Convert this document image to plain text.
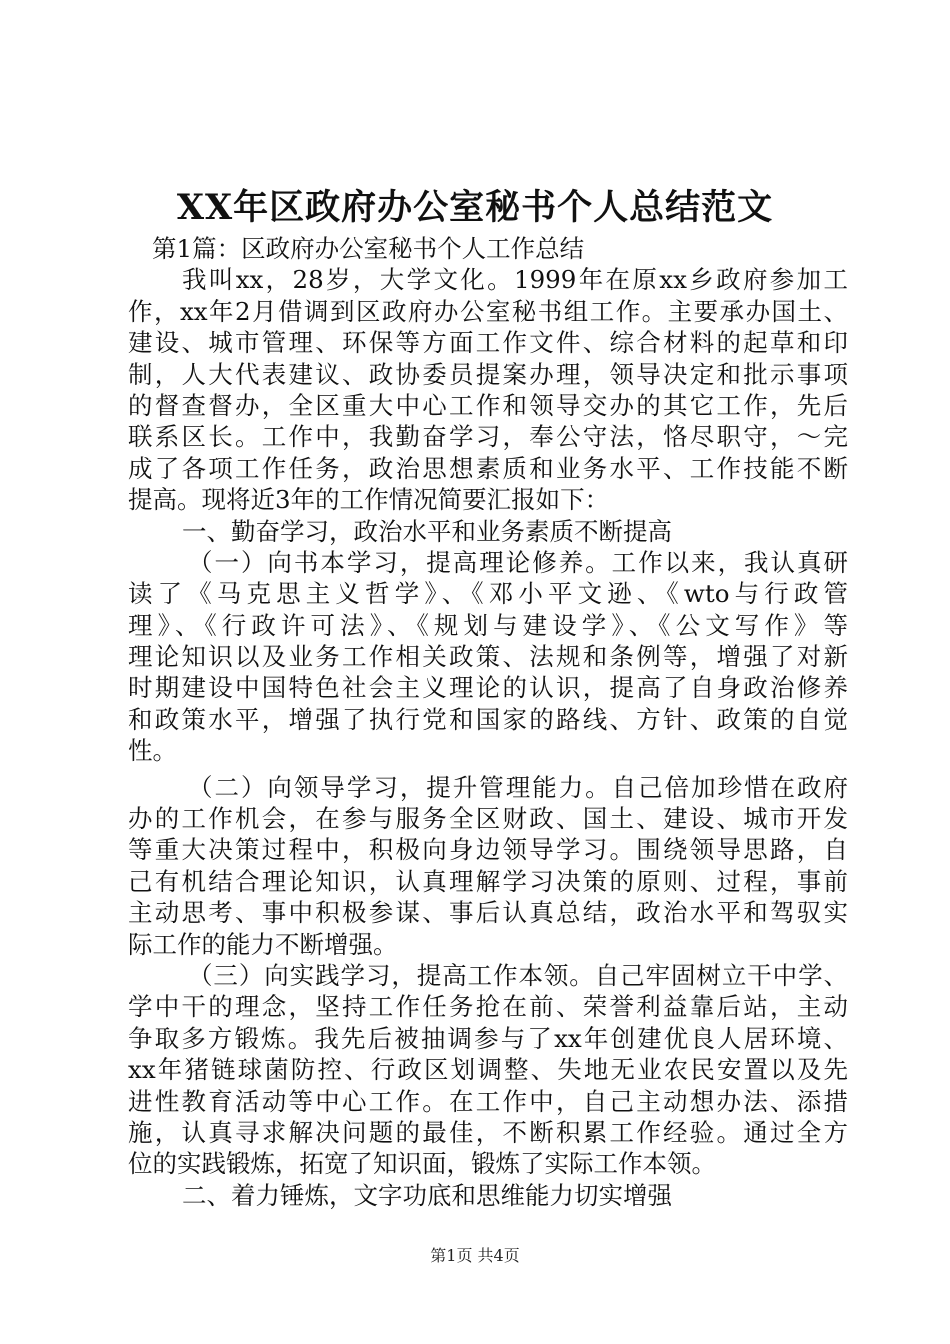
XX年区政府办公室秘书个人总结范文
第1篇：区政府办公室秘书个人工作总结
我叫xx，28岁，大学文化。1999年在原xx乡政府参加工
作，xx年2月借调到区政府办公室秘书组工作。主要承办国土、
建设、城市管理、环保等方面工作文件、综合材料的起草和印
制，人大代表建议、政协委员提案办理，领导决定和批示事项
的督查督办，全区重大中心工作和领导交办的其它工作，先后
联系区长。工作中，我勤奋学习，奉公守法，恪尽职守，～完
成了各项工作任务，政治思想素质和业务水平、工作技能不断
提高。现将近3年的工作情况简要汇报如下：
一、勤奋学习，政治水平和业务素质不断提高
（一）向书本学习，提高理论修养。工作以来，我认真研
读了《马克思主义哲学》、《邓小平文逊、《wto与行政管
理》、《行政许可法》、《规划与建设学》、《公文写作》等
理论知识以及业务工作相关政策、法规和条例等，增强了对新
时期建设中国特色社会主义理论的认识，提高了自身政治修养
和政策水平，增强了执行党和国家的路线、方针、政策的自觉
性。
（二）向领导学习，提升管理能力。自己倍加珍惜在政府
办的工作机会，在参与服务全区财政、国土、建设、城市开发
等重大决策过程中，积极向身边领导学习。围绕领导思路，自
己有机结合理论知识，认真理解学习决策的原则、过程，事前
主动思考、事中积极参谋、事后认真总结，政治水平和驾驭实
际工作的能力不断增强。
（三）向实践学习，提高工作本领。自己牢固树立干中学、
学中干的理念，坚持工作任务抢在前、荣誉利益靠后站，主动
争取多方锻炼。我先后被抽调参与了xx年创建优良人居环境、
xx年猪链球菌防控、行政区划调整、失地无业农民安置以及先
进性教育活动等中心工作。在工作中，自己主动想办法、添措
施，认真寻求解决问题的最佳，不断积累工作经验。通过全方
位的实践锻炼，拓宽了知识面，锻炼了实际工作本领。
二、着力锤炼，文字功底和思维能力切实增强
第1页 共4页
